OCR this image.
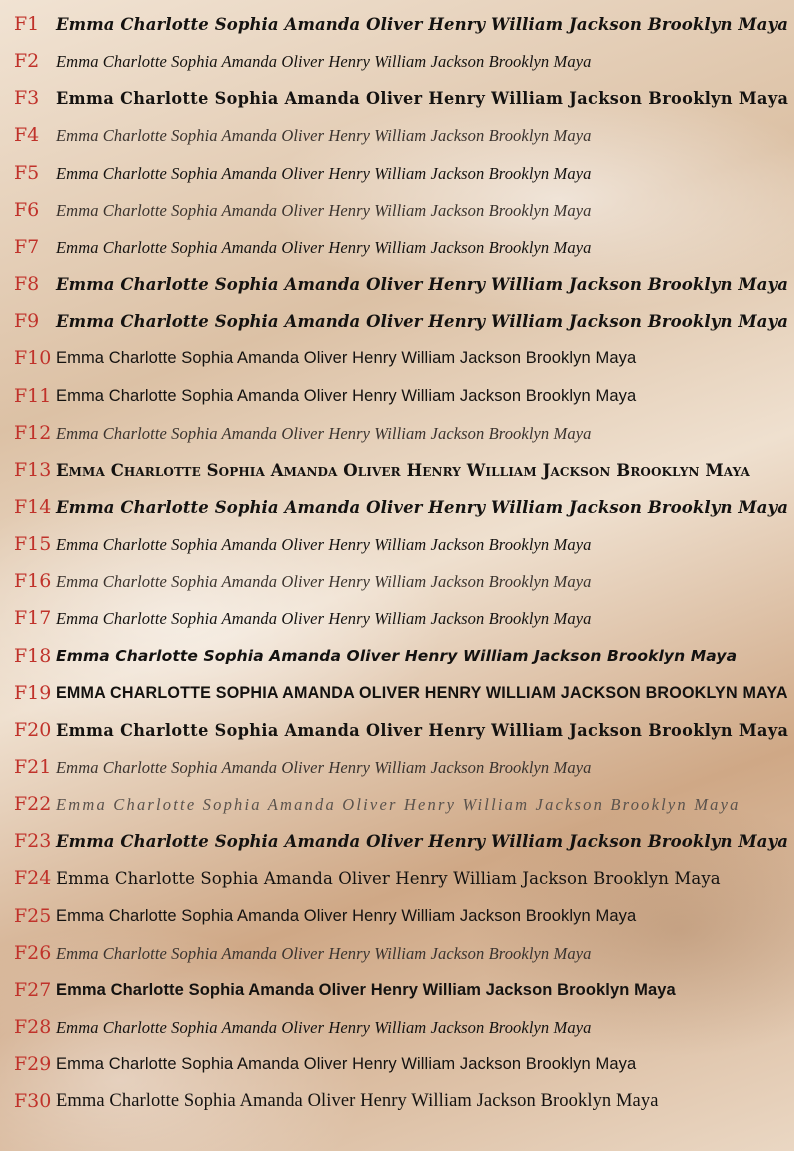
F1 Emma Charlotte Sophia Amanda Oliver Henry William Jackson Brooklyn Maya
F2 Emma Charlotte Sophia Amanda Oliver Henry William Jackson Brooklyn Maya
F3 Emma Charlotte Sophia Amanda Oliver Henry William Jackson Brooklyn Maya
F4 Emma Charlotte Sophia Amanda Oliver Henry William Jackson Brooklyn Maya
F5 Emma Charlotte Sophia Amanda Oliver Henry William Jackson Brooklyn Maya
F6 Emma Charlotte Sophia Amanda Oliver Henry William Jackson Brooklyn Maya
F7 Emma Charlotte Sophia Amanda Oliver Henry William Jackson Brooklyn Maya
F8 Emma Charlotte Sophia Amanda Oliver Henry William Jackson Brooklyn Maya
F9 Emma Charlotte Sophia Amanda Oliver Henry William Jackson Brooklyn Maya
F10 Emma Charlotte Sophia Amanda Oliver Henry William Jackson Brooklyn Maya
F11 Emma Charlotte Sophia Amanda Oliver Henry William Jackson Brooklyn Maya
F12 Emma Charlotte Sophia Amanda Oliver Henry William Jackson Brooklyn Maya
F13 Emma Charlotte Sophia Amanda Oliver Henry William Jackson Brooklyn Maya
F14 Emma Charlotte Sophia Amanda Oliver Henry William Jackson Brooklyn Maya
F15 Emma Charlotte Sophia Amanda Oliver Henry William Jackson Brooklyn Maya
F16 Emma Charlotte Sophia Amanda Oliver Henry William Jackson Brooklyn Maya
F17 Emma Charlotte Sophia Amanda Oliver Henry William Jackson Brooklyn Maya
F18 Emma Charlotte Sophia Amanda Oliver Henry William Jackson Brooklyn Maya
F19 EMMA CHARLOTTE SOPHIA AMANDA OLIVER HENRY WILLIAM JACKSON BROOKLYN MAYA
F20 Emma Charlotte Sophia Amanda Oliver Henry William Jackson Brooklyn Maya
F21 Emma Charlotte Sophia Amanda Oliver Henry William Jackson Brooklyn Maya
F22 Emma Charlotte Sophia Amanda Oliver Henry William Jackson Brooklyn Maya
F23 Emma Charlotte Sophia Amanda Oliver Henry William Jackson Brooklyn Maya
F24 Emma Charlotte Sophia Amanda Oliver Henry William Jackson Brooklyn Maya
F25 Emma Charlotte Sophia Amanda Oliver Henry William Jackson Brooklyn Maya
F26 Emma Charlotte Sophia Amanda Oliver Henry William Jackson Brooklyn Maya
F27 Emma Charlotte Sophia Amanda Oliver Henry William Jackson Brooklyn Maya
F28 Emma Charlotte Sophia Amanda Oliver Henry William Jackson Brooklyn Maya
F29 Emma Charlotte Sophia Amanda Oliver Henry William Jackson Brooklyn Maya
F30 Emma Charlotte Sophia Amanda Oliver Henry William Jackson Brooklyn Maya
